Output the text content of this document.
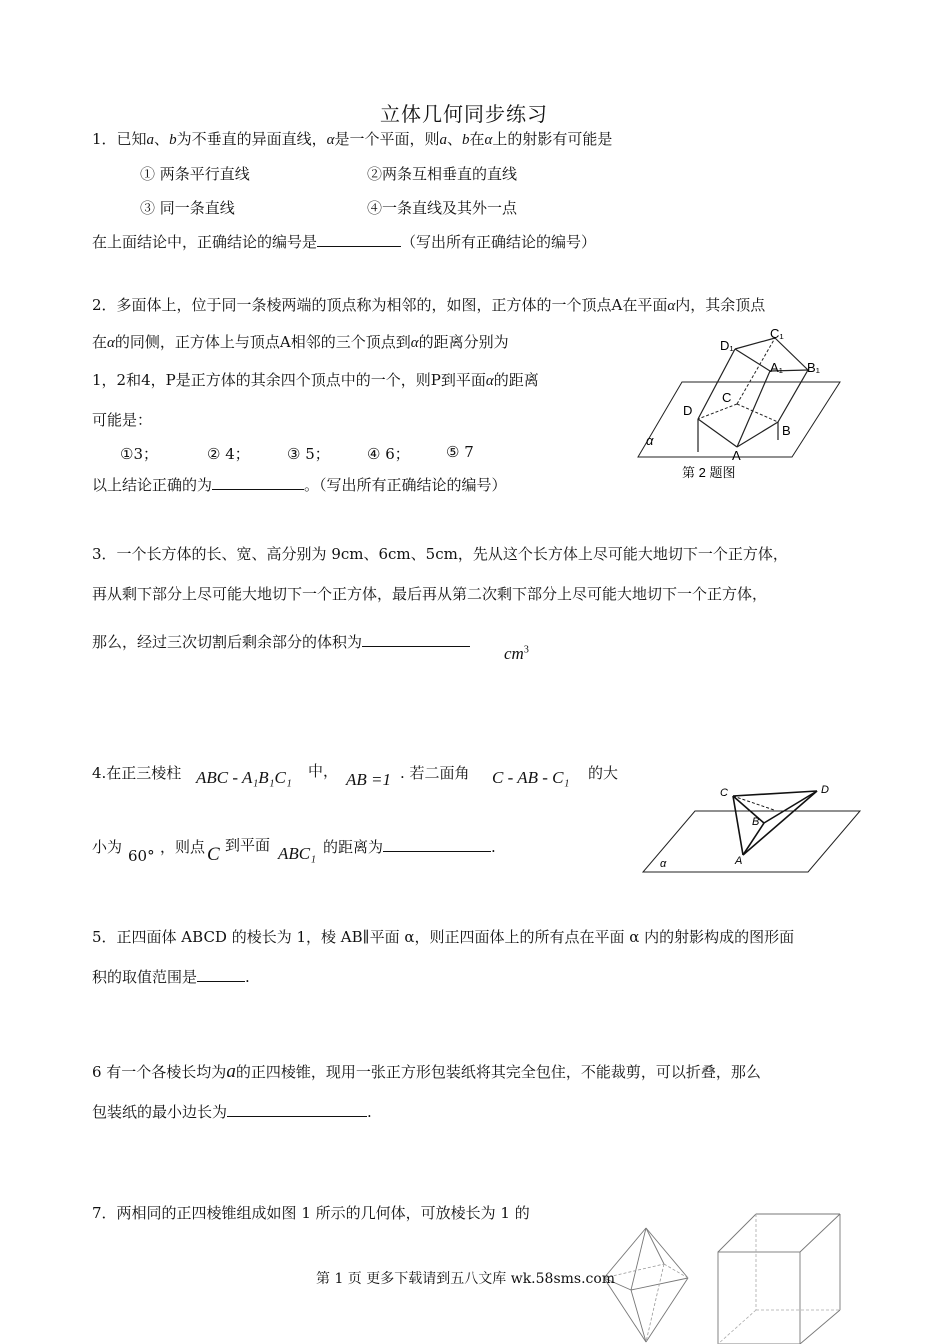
立体几何同步练习
1．已知a、b为不垂直的异面直线，α是一个平面，则a、b在α上的射影有可能是
① 两条平行直线	②两条互相垂直的直线
③ 同一条直线	④一条直线及其外一点
在上面结论中，正确结论的编号是	（写出所有正确结论的编号）
2．多面体上，位于同一条棱两端的顶点称为相邻的，如图，正方体的一个顶点A在平面α内，其余顶点
在α的同侧，正方体上与顶点A相邻的三个顶点到α的距离分别为
1，2和4，P是正方体的其余四个顶点中的一个，则P到平面α的距离
可能是：
①3；	② 4； ③ 5； ④ 6； ⑤ 7
以上结论正确的为	。（写出所有正确结论的编号）
D₁
C₁
A₁ B₁
C
D
B
A
α
第 2 题图
3．一个长方体的长、宽、高分别为 9cm、6cm、5cm，先从这个长方体上尽可能大地切下一个正方体，
再从剩下部分上尽可能大地切下一个正方体，最后再从第二次剩下部分上尽可能大地切下一个正方体，
那么，经过三次切割后剩余部分的体积为
$cm^3$
4.在正三棱柱 ABC - A₁B₁C₁ 中， AB =1 . 若二面角 C - AB - C₁ 的大
小为 60° ，则点 C 到平面 ABC₁ 的距离为	.
C	D
B
A
α
5．正四面体 ABCD 的棱长为 1，棱 AB∥平面 α，则正四面体上的所有点在平面 α 内的射影构成的图形面
积的取值范围是	.
6 有一个各棱长均为a的正四棱锥，现用一张正方形包装纸将其完全包住，不能裁剪，可以折叠，那么
包装纸的最小边长为	.
7．两相同的正四棱锥组成如图 1 所示的几何体，可放棱长为 1 的
第 1 页 更多下载请到五八文库 wk.58sms.com
